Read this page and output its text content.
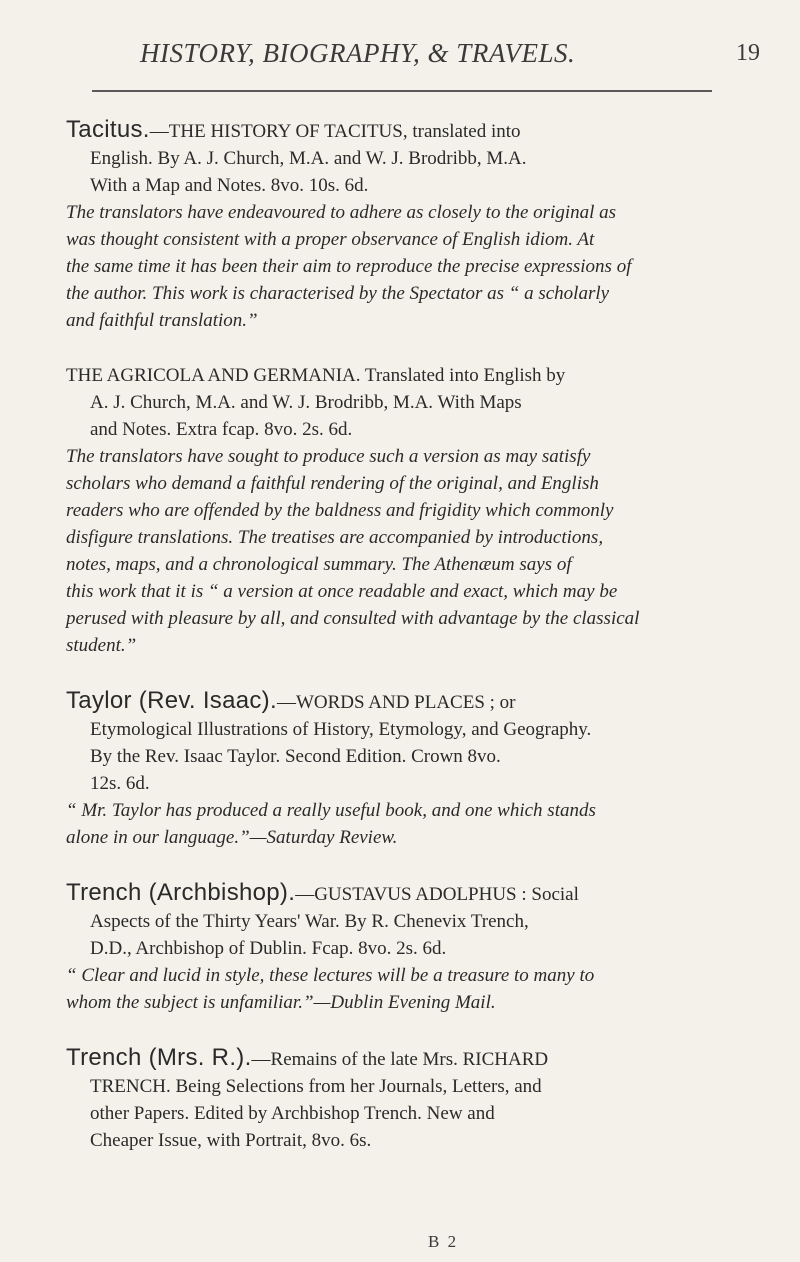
HISTORY, BIOGRAPHY, & TRAVELS.	19
Tacitus.—THE HISTORY OF TACITUS, translated into
English. By A. J. Church, M.A. and W. J. Brodribb, M.A.
With a Map and Notes. 8vo. 10s. 6d.
The translators have endeavoured to adhere as closely to the original as
was thought consistent with a proper observance of English idiom. At
the same time it has been their aim to reproduce the precise expressions of
the author. This work is characterised by the Spectator as “ a scholarly
and faithful translation.”
THE AGRICOLA AND GERMANIA. Translated into English by
A. J. Church, M.A. and W. J. Brodribb, M.A. With Maps
and Notes. Extra fcap. 8vo. 2s. 6d.
The translators have sought to produce such a version as may satisfy
scholars who demand a faithful rendering of the original, and English
readers who are offended by the baldness and frigidity which commonly
disfigure translations. The treatises are accompanied by introductions,
notes, maps, and a chronological summary. The Athenæum says of
this work that it is “ a version at once readable and exact, which may be
perused with pleasure by all, and consulted with advantage by the classical
student.”
Taylor (Rev. Isaac).—WORDS AND PLACES ; or
Etymological Illustrations of History, Etymology, and Geography.
By the Rev. Isaac Taylor. Second Edition. Crown 8vo.
12s. 6d.
“ Mr. Taylor has produced a really useful book, and one which stands
alone in our language.”—Saturday Review.
Trench (Archbishop).—GUSTAVUS ADOLPHUS : Social
Aspects of the Thirty Years' War. By R. Chenevix Trench,
D.D., Archbishop of Dublin. Fcap. 8vo. 2s. 6d.
“ Clear and lucid in style, these lectures will be a treasure to many to
whom the subject is unfamiliar.”—Dublin Evening Mail.
Trench (Mrs. R.).—Remains of the late Mrs. RICHARD
TRENCH. Being Selections from her Journals, Letters, and
other Papers. Edited by Archbishop Trench. New and
Cheaper Issue, with Portrait, 8vo. 6s.
B 2
